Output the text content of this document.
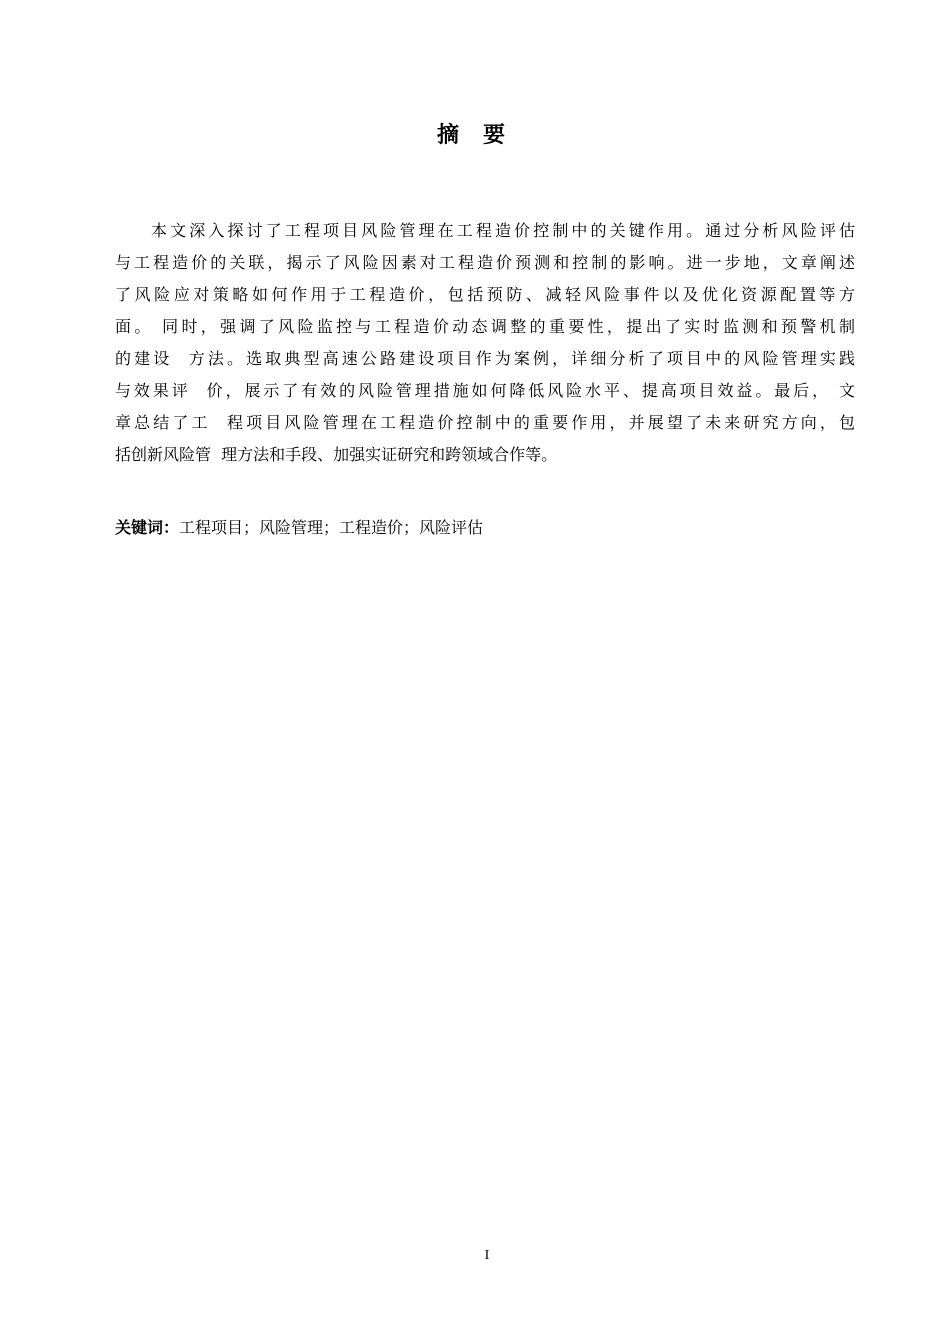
摘要
本文深入探讨了工程项目风险管理在工程造价控制中的关键作用。通过分析风险评估
与工程造价的关联，揭示了风险因素对工程造价预测和控制的影响。进一步地，文章阐述
了风险应对策略如何作用于工程造价，包括预防、减轻风险事件以及优化资源配置等方
面。 同时，强调了风险监控与工程造价动态调整的重要性，提出了实时监测和预警机制
的建设  方法。选取典型高速公路建设项目作为案例，详细分析了项目中的风险管理实践
与效果评  价，展示了有效的风险管理措施如何降低风险水平、提高项目效益。最后， 文
章总结了工  程项目风险管理在工程造价控制中的重要作用，并展望了未来研究方向，包
括创新风险管  理方法和手段、加强实证研究和跨领域合作等。
关键词：工程项目；风险管理；工程造价；风险评估
I
